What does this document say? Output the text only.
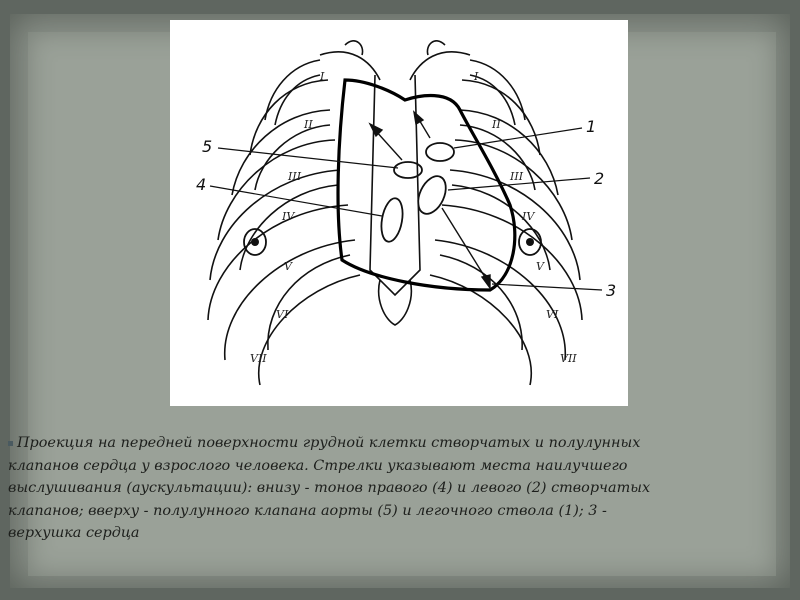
1
2
3
4
5
I
II
III
IV
V
VI
VII
I
II
III
IV
V
VI
VII
Проекция на передней поверхности грудной клетки створчатых и полулунных
клапанов сердца у взрослого человека. Стрелки указывают места наилучшего
выслушивания (аускультации): внизу - тонов правого (4) и левого (2) створчатых
клапанов; вверху - полулунного клапана аорты (5) и легочного ствола (1); 3 -
верхушка сердца
